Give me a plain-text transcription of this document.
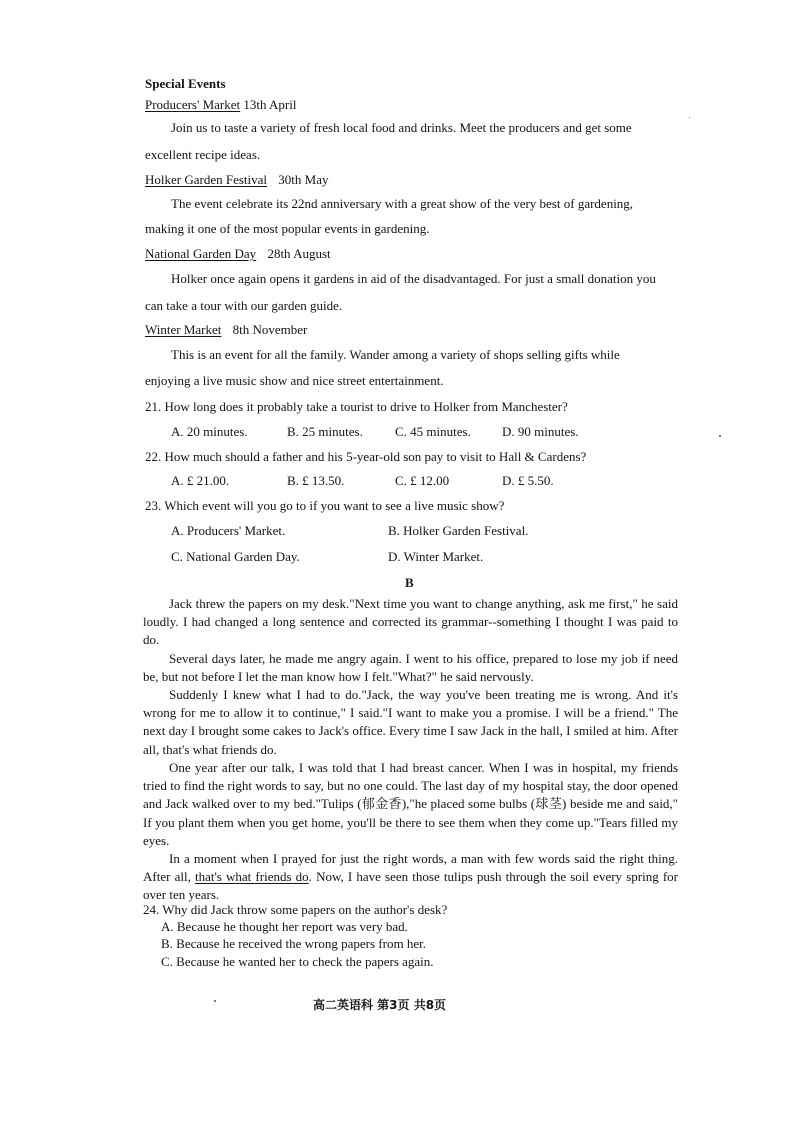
Special Events
Producers' Market 13th April
Join us to taste a variety of fresh local food and drinks. Meet the producers and get some
excellent recipe ideas.
Holker Garden Festival 30th May
The event celebrate its 22nd anniversary with a great show of the very best of gardening,
making it one of the most popular events in gardening.
National Garden Day 28th August
Holker once again opens it gardens in aid of the disadvantaged. For just a small donation you
can take a tour with our garden guide.
Winter Market 8th November
This is an event for all the family. Wander among a variety of shops selling gifts while
enjoying a live music show and nice street entertainment.
21. How long does it probably take a tourist to drive to Holker from Manchester?
A. 20 minutes.	B. 25 minutes. C. 45 minutes. D. 90 minutes.
22. How much should a father and his 5-year-old son pay to visit to Hall & Cardens?
A. £ 21.00.	B. £ 13.50.	C. £ 12.00	D. £ 5.50.
23. Which event will you go to if you want to see a live music show?
A. Producers' Market.	B. Holker Garden Festival.
C. National Garden Day.	D. Winter Market.
B
Jack threw the papers on my desk."Next time you want to change anything, ask me first," he said loudly. I had changed a long sentence and corrected its grammar--something I thought I was paid to do.
Several days later, he made me angry again. I went to his office, prepared to lose my job if need be, but not before I let the man know how I felt."What?" he said nervously.
Suddenly I knew what I had to do."Jack, the way you've been treating me is wrong. And it's wrong for me to allow it to continue," I said."I want to make you a promise. I will be a friend." The next day I brought some cakes to Jack's office. Every time I saw Jack in the hall, I smiled at him. After all, that's what friends do.
One year after our talk, I was told that I had breast cancer. When I was in hospital, my friends tried to find the right words to say, but no one could. The last day of my hospital stay, the door opened and Jack walked over to my bed."Tulips (郁金香),"he placed some bulbs (球茎) beside me and said," If you plant them when you get home, you'll be there to see them when they come up."Tears filled my eyes.
In a moment when I prayed for just the right words, a man with few words said the right thing. After all, that's what friends do. Now, I have seen those tulips push through the soil every spring for over ten years.
24. Why did Jack throw some papers on the author's desk?
A. Because he thought her report was very bad.
B. Because he received the wrong papers from her.
C. Because he wanted her to check the papers again.
高二英语科 第3页 共8页
